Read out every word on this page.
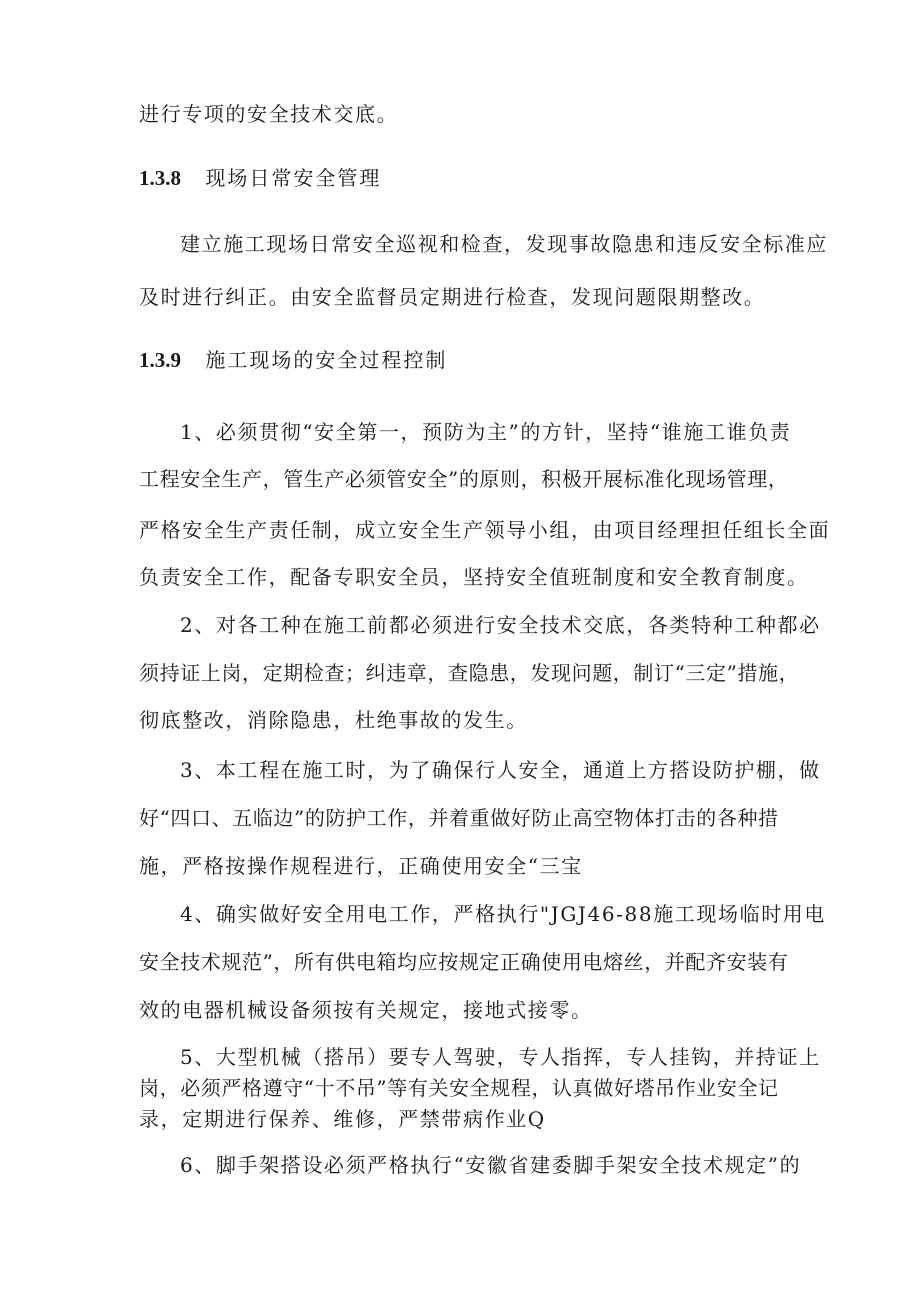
进行专项的安全技术交底。
1.3.8 现场日常安全管理
建立施工现场日常安全巡视和检查，发现事故隐患和违反安全标准应
及时进行纠正。由安全监督员定期进行检查，发现问题限期整改。
1.3.9 施工现场的安全过程控制
1、必须贯彻“安全第一，预防为主”的方针，坚持“谁施工谁负责
工程安全生产，管生产必须管安全”的原则，积极开展标准化现场管理，
严格安全生产责任制，成立安全生产领导小组，由项目经理担任组长全面
负责安全工作，配备专职安全员，坚持安全值班制度和安全教育制度。
2、对各工种在施工前都必须进行安全技术交底，各类特种工种都必
须持证上岗，定期检查；纠违章，查隐患，发现问题，制订“三定”措施，
彻底整改，消除隐患，杜绝事故的发生。
3、本工程在施工时，为了确保行人安全，通道上方搭设防护棚，做
好“四口、五临边”的防护工作，并着重做好防止高空物体打击的各种措
施，严格按操作规程进行，正确使用安全“三宝
4、确实做好安全用电工作，严格执行"JGJ46-88施工现场临时用电
安全技术规范”，所有供电箱均应按规定正确使用电熔丝，并配齐安装有
效的电器机械设备须按有关规定，接地式接零。
5、大型机械（搭吊）要专人驾驶，专人指挥，专人挂钩，并持证上
岗，必须严格遵守“十不吊”等有关安全规程，认真做好塔吊作业安全记
录，定期进行保养、维修，严禁带病作业Q
6、脚手架搭设必须严格执行“安徽省建委脚手架安全技术规定”的
